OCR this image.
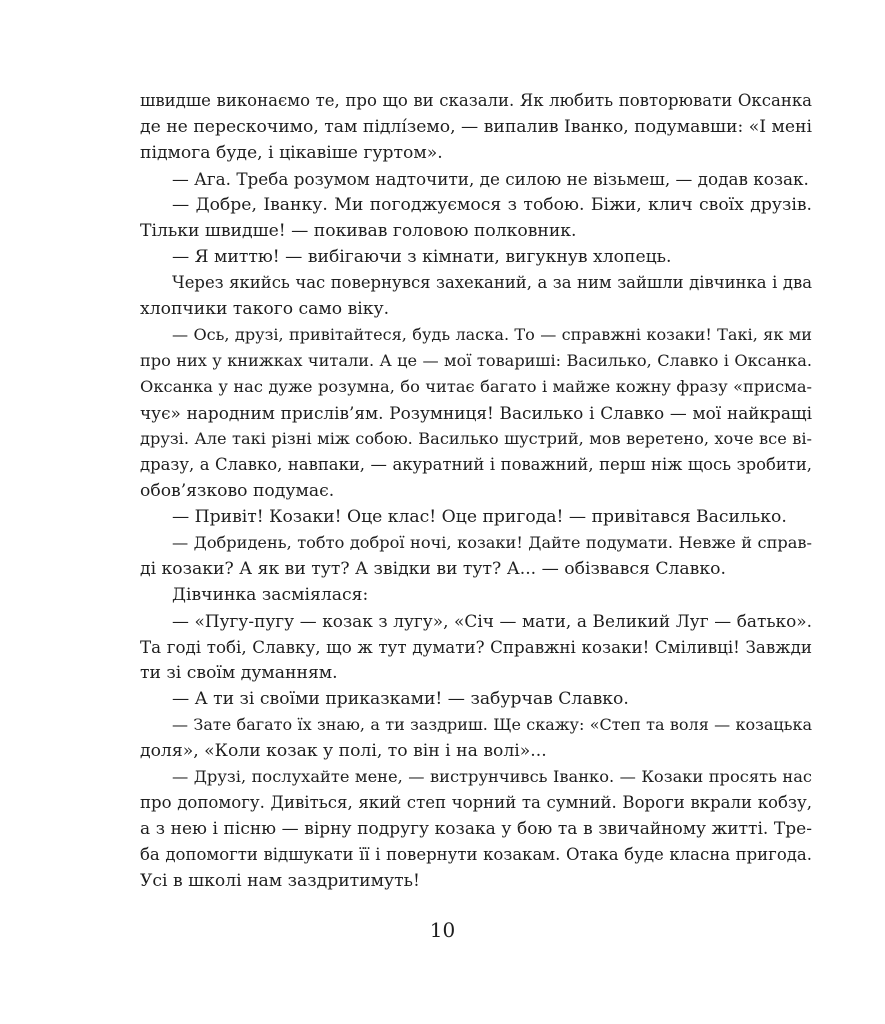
швидше виконаємо те, про що ви сказали. Як любить повторювати Оксанка
де не перескочимо, там підлíземо, — випалив Іванко, подумавши: «І мені
підмога буде, і цікавіше гуртом».
— Ага. Треба розумом надточити, де силою не візьмеш, — додав козак.
— Добре, Іванку. Ми погоджуємося з тобою. Біжи, клич своїх друзів.
Тільки швидше! — покивав головою полковник.
— Я миттю! — вибігаючи з кімнати, вигукнув хлопець.
Через якийсь час повернувся захеканий, а за ним зайшли дівчинка і два
хлопчики такого само віку.
— Ось, друзі, привітайтеся, будь ласка. То — справжні козаки! Такі, як ми
про них у книжках читали. А це — мої товариші: Василько, Славко і Оксанка.
Оксанка у нас дуже розумна, бо читає багато і майже кожну фразу «присма-
чує» народним прислів’ям. Розумниця! Василько і Славко — мої найкращі
друзі. Але такі різні між собою. Василько шустрий, мов веретено, хоче все ві-
дразу, а Славко, навпаки, — акуратний і поважний, перш ніж щось зробити,
обов’язково подумає.
— Привіт! Козаки! Оце клас! Оце пригода! — привітався Василько.
— Добридень, тобто доброї ночі, козаки! Дайте подумати. Невже й справ-
ді козаки? А як ви тут? А звідки ви тут? А... — обізвався Славко.
Дівчинка засміялася:
— «Пугу-пугу — козак з лугу», «Січ — мати, а Великий Луг — батько».
Та годі тобі, Славку, що ж тут думати? Справжні козаки! Сміливці! Завжди
ти зі своїм думанням.
— А ти зі своїми приказками! — забурчав Славко.
— Зате багато їх знаю, а ти заздриш. Ще скажу: «Степ та воля — козацька
доля», «Коли козак у полі, то він і на волі»...
— Друзі, послухайте мене, — виструнчивсь Іванко. — Козаки просять нас
про допомогу. Дивіться, який степ чорний та сумний. Вороги вкрали кобзу,
а з нею і пісню — вірну подругу козака у бою та в звичайному житті. Тре-
ба допомогти відшукати її і повернути козакам. Отака буде класна пригода.
Усі в школі нам заздритимуть!
10
